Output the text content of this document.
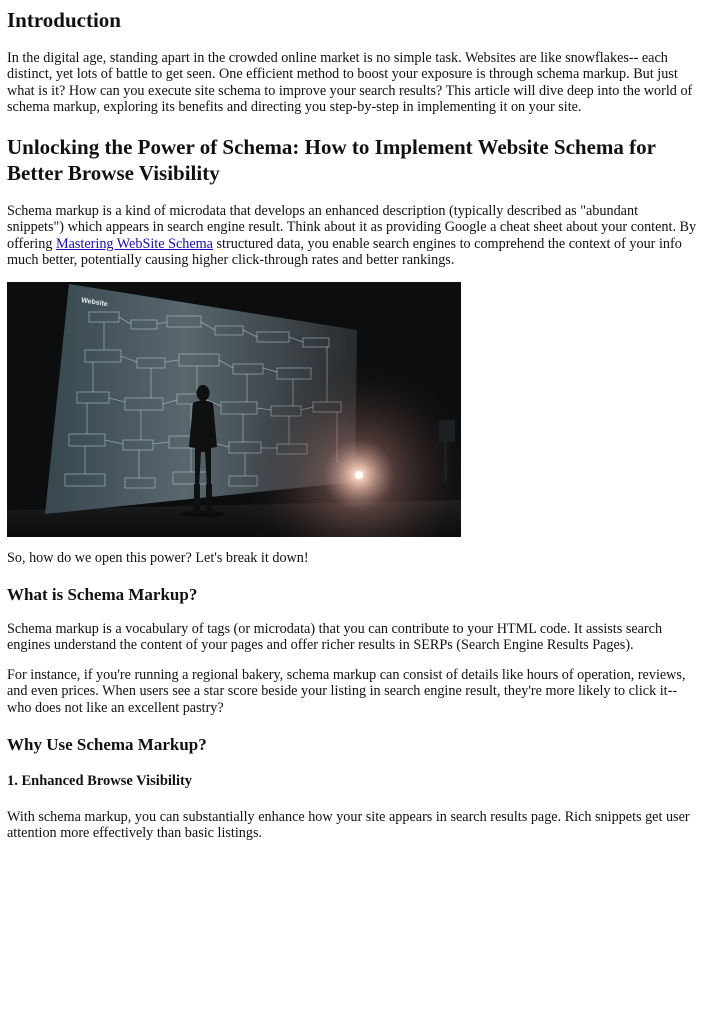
Introduction

In the digital age, standing apart in the crowded online market is no simple task. Websites are like snowflakes-- each
distinct, yet lots of battle to get seen. One efficient method to boost your exposure is through schema markup. But just
what is it? How can you execute site schema to improve your search results? This article will dive deep into the world of
schema markup, exploring its benefits and directing you step-by-step in implementing it on your site.

Unlocking the Power of Schema: How to Implement Website Schema for
Better Browse Visibility

Schema markup is a kind of microdata that develops an enhanced description (typically described as "abundant
snippets") which appears in search engine result. Think about it as providing Google a cheat sheet about your content. By
offering Mastering WebSite Schema structured data, you enable search engines to comprehend the context of your info
much better, potentially causing higher click-through rates and better rankings.

So, how do we open this power? Let's break it down!

What is Schema Markup?

Schema markup is a vocabulary of tags (or microdata) that you can contribute to your HTML code. It assists search
engines understand the content of your pages and offer richer results in SERPs (Search Engine Results Pages).

For instance, if you're running a regional bakery, schema markup can consist of details like hours of operation, reviews,
and even prices. When users see a star score beside your listing in search engine result, they're more likely to click it--
who does not like an excellent pastry?

Why Use Schema Markup?
1. Enhanced Browse Visibility

With schema markup, you can substantially enhance how your site appears in search results page. Rich snippets get user
attention more effectively than basic listings.
